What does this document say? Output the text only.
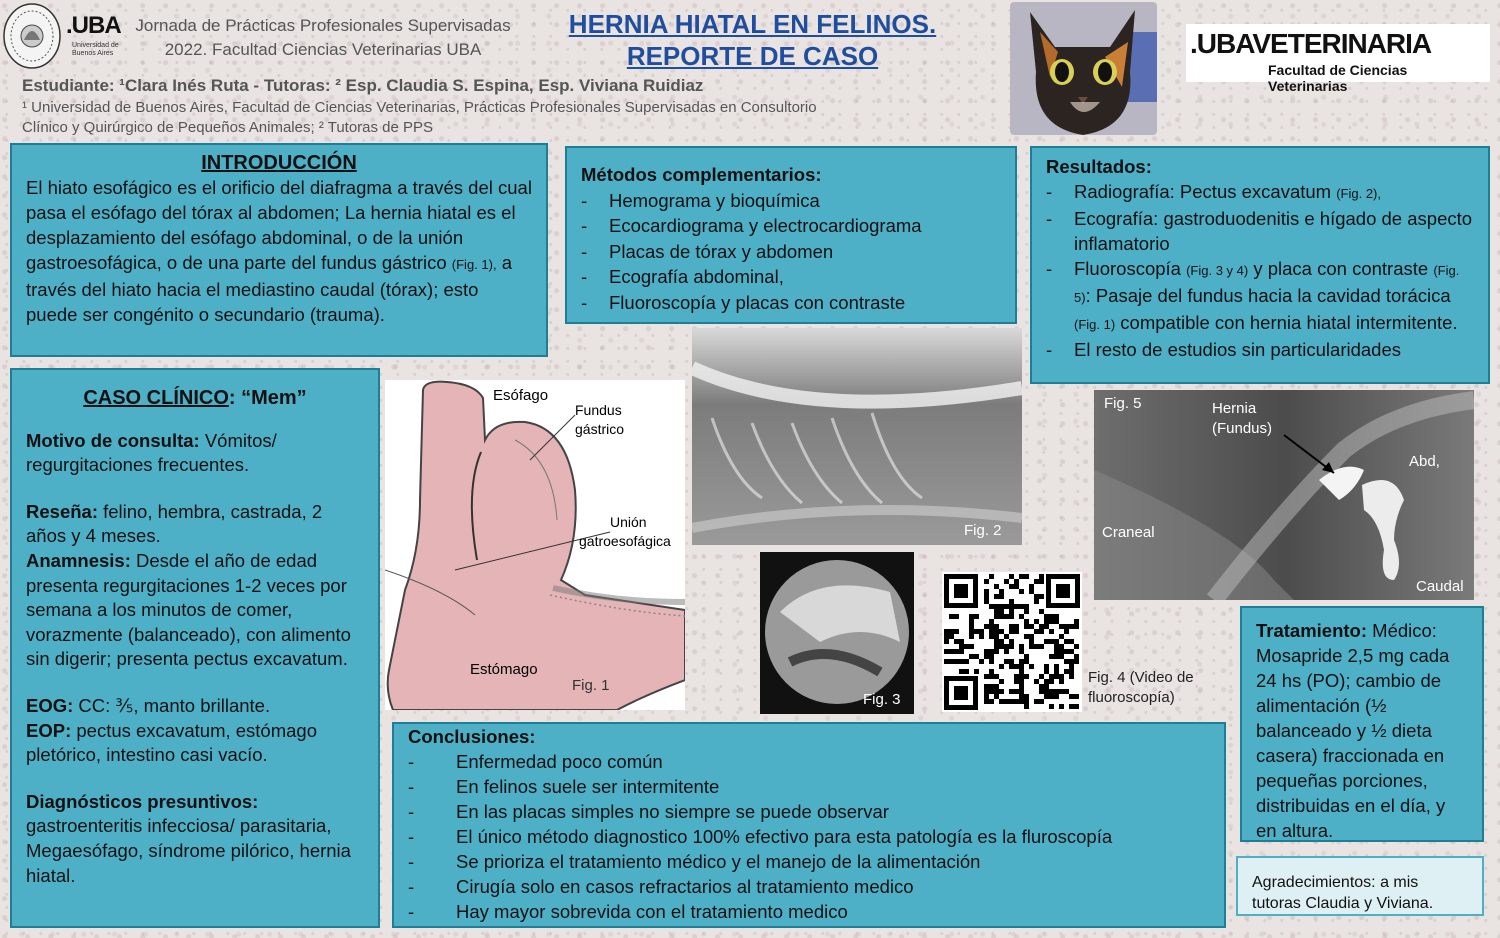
.UBA
Universidad de Buenos Aires
Jornada de Prácticas Profesionales Supervisadas
2022. Facultad Ciencias Veterinarias UBA
HERNIA HIATAL EN FELINOS.
REPORTE DE CASO	.UBAVETERINARIA
Facultad de Ciencias Veterinarias
Estudiante: ¹Clara Inés Ruta - Tutoras: ² Esp. Claudia S. Espina, Esp. Viviana Ruidiaz
¹ Universidad de Buenos Aires, Facultad de Ciencias Veterinarias, Prácticas Profesionales Supervisadas en Consultorio
Clínico y Quirúrgico de Pequeños Animales; ² Tutoras de PPS
INTRODUCCIÓN

El hiato esofágico es el orificio del diafragma a través del cual pasa el esófago del tórax al abdomen; La hernia hiatal es el desplazamiento del esófago abdominal, o de la unión gastroesofágica, o de una parte del fundus gástrico (Fig. 1), a través del hiato hacia el mediastino caudal (tórax); esto puede ser congénito o secundario (trauma).

Métodos complementarios:
- Hemograma y bioquímica
- Ecocardiograma y electrocardiograma
- Placas de tórax y abdomen
- Ecografía abdominal,
- Fluoroscopía y placas con contraste
Resultados:
- Radiografía: Pectus excavatum (Fig. 2),
- Ecografía: gastroduodenitis e hígado de aspecto inflamatorio
- Fluoroscopía (Fig. 3 y 4) y placa con contraste (Fig. 5): Pasaje del fundus hacia la cavidad torácica (Fig. 1) compatible con hernia hiatal intermitente.
- El resto de estudios sin particularidades

CASO CLÍNICO: “Mem”

Motivo de consulta: Vómitos/ regurgitaciones frecuentes.

Reseña: felino, hembra, castrada, 2 años y 4 meses.

Anamnesis: Desde el año de edad presenta regurgitaciones 1-2 veces por semana a los minutos de comer, vorazmente (balanceado), con alimento sin digerir; presenta pectus excavatum.

EOG: CC: ⅗, manto brillante.
EOP: pectus excavatum, estómago pletórico, intestino casi vacío.

Diagnósticos presuntivos: gastroenteritis infecciosa/ parasitaria, Megaesófago, síndrome pilórico, hernia hiatal.

Esófago
Fundus
gástrico
Unión
gatroesofágica
Estómago
Fig. 1
Fig. 2
Fig. 3
Fig. 4 (Video de
fluoroscopía)
Fig. 5	Hernia
(Fundus)
Abd,
Craneal
Caudal
Conclusiones:
- Enfermedad poco común
- En felinos suele ser intermitente
- En las placas simples no siempre se puede observar
- El único método diagnostico 100% efectivo para esta patología es la fluroscopía
- Se prioriza el tratamiento médico y el manejo de la alimentación
- Cirugía solo en casos refractarios al tratamiento medico
- Hay mayor sobrevida con el tratamiento medico
Tratamiento: Médico: Mosapride 2,5 mg cada 24 hs (PO); cambio de alimentación (½ balanceado y ½ dieta casera) fraccionada en pequeñas porciones, distribuidas en el día, y en altura.
Agradecimientos: a mis tutoras Claudia y Viviana.
